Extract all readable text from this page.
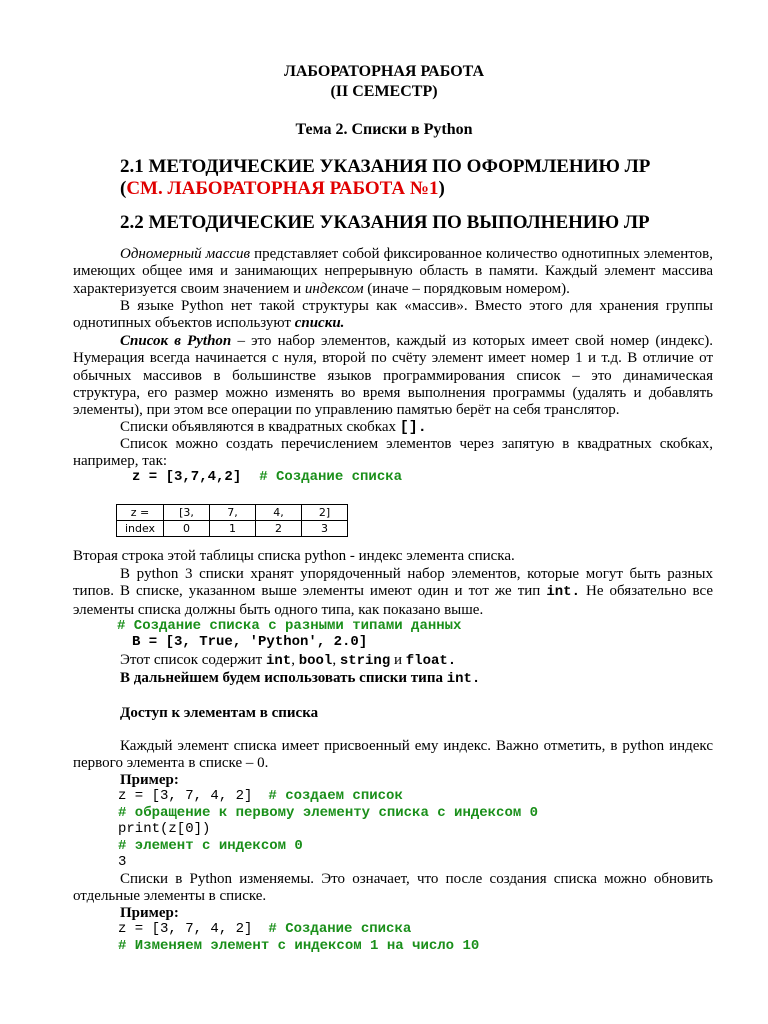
ЛАБОРАТОРНАЯ РАБОТА
(II СЕМЕСТР)
Тема 2. Списки в Python
2.1 МЕТОДИЧЕСКИЕ УКАЗАНИЯ ПО ОФОРМЛЕНИЮ ЛР
(СМ. ЛАБОРАТОРНАЯ РАБОТА №1)
2.2 МЕТОДИЧЕСКИЕ УКАЗАНИЯ ПО ВЫПОЛНЕНИЮ ЛР
Одномерный массив представляет собой фиксированное количество однотипных элементов, имеющих общее имя и занимающих непрерывную область в памяти. Каждый элемент массива характеризуется своим значением и индексом (иначе – порядковым номером).
В языке Python нет такой структуры как «массив». Вместо этого для хранения группы однотипных объектов используют списки.
Список в Python – это набор элементов, каждый из которых имеет свой номер (индекс). Нумерация всегда начинается с нуля, второй по счёту элемент имеет номер 1 и т.д. В отличие от обычных массивов в большинстве языков программирования список – это динамическая структура, его размер можно изменять во время выполнения программы (удалять и добавлять элементы), при этом все операции по управлению памятью берёт на себя транслятор.
Списки объявляются в квадратных скобках [].
Список можно создать перечислением элементов через запятую в квадратных скобках, например, так:
z = [3,7,4,2] # Создание списка
z =	[3,	7,	4,	2]
index	0	1	2	3
Вторая строка этой таблицы списка python - индекс элемента списка.
В python 3 списки хранят упорядоченный набор элементов, которые могут быть разных типов. В списке, указанном выше элементы имеют один и тот же тип int. Не обязательно все элементы списка должны быть одного типа, как показано выше.
# Создание списка с разными типами данных
B = [3, True, 'Python', 2.0]
Этот список содержит int, bool, string и float.
В дальнейшем будем использовать списки типа int.
Доступ к элементам в списка
Каждый элемент списка имеет присвоенный ему индекс. Важно отметить, в python индекс первого элемента в списке – 0.
Пример:
z = [3, 7, 4, 2] # создаем список
# обращение к первому элементу списка с индексом 0
print(z[0])
# элемент с индексом 0
3
Списки в Python изменяемы. Это означает, что после создания списка можно обновить отдельные элементы в списке.
Пример:
z = [3, 7, 4, 2] # Создание списка
# Изменяем элемент с индексом 1 на число 10
